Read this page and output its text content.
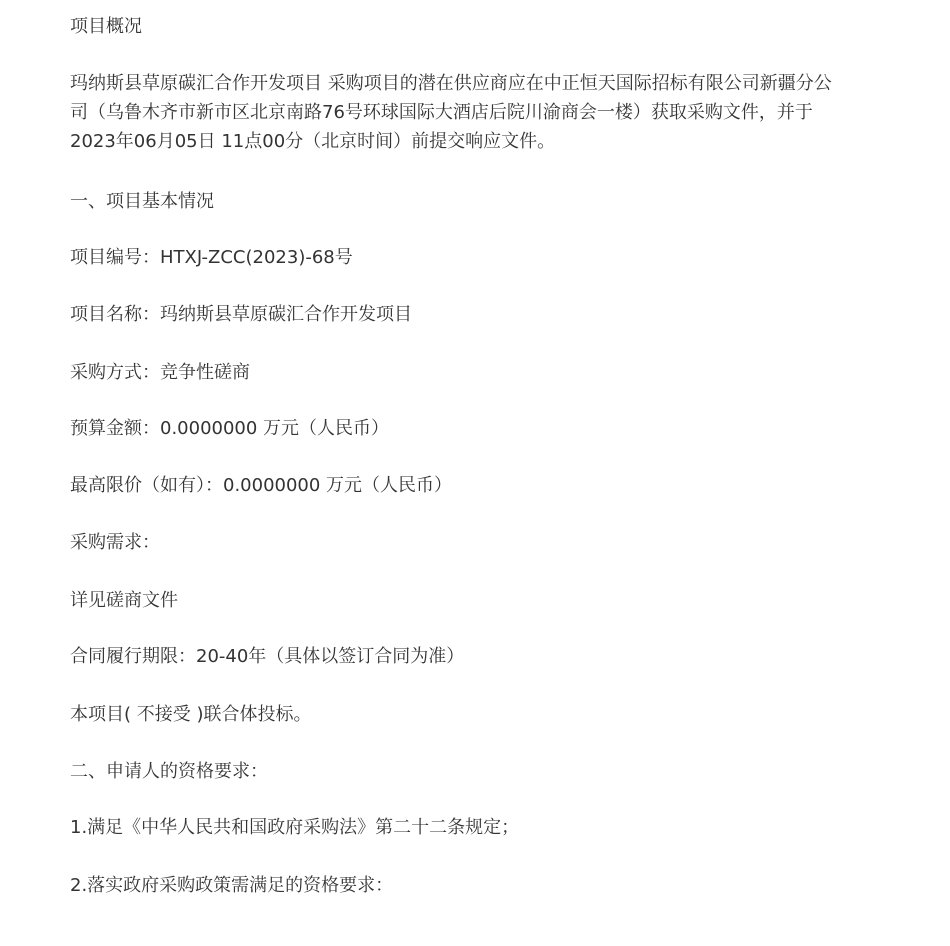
项目概况
玛纳斯县草原碳汇合作开发项目 采购项目的潜在供应商应在中正恒天国际招标有限公司新疆分公
司（乌鲁木齐市新市区北京南路76号环球国际大酒店后院川渝商会一楼）获取采购文件，并于
2023年06月05日 11点00分（北京时间）前提交响应文件。
一、项目基本情况
项目编号：HTXJ-ZCC(2023)-68号
项目名称：玛纳斯县草原碳汇合作开发项目
采购方式：竞争性磋商
预算金额：0.0000000 万元（人民币）
最高限价（如有）：0.0000000 万元（人民币）
采购需求：
详见磋商文件
合同履行期限：20-40年（具体以签订合同为准）
本项目( 不接受 )联合体投标。
二、申请人的资格要求：
1.满足《中华人民共和国政府采购法》第二十二条规定；
2.落实政府采购政策需满足的资格要求：
